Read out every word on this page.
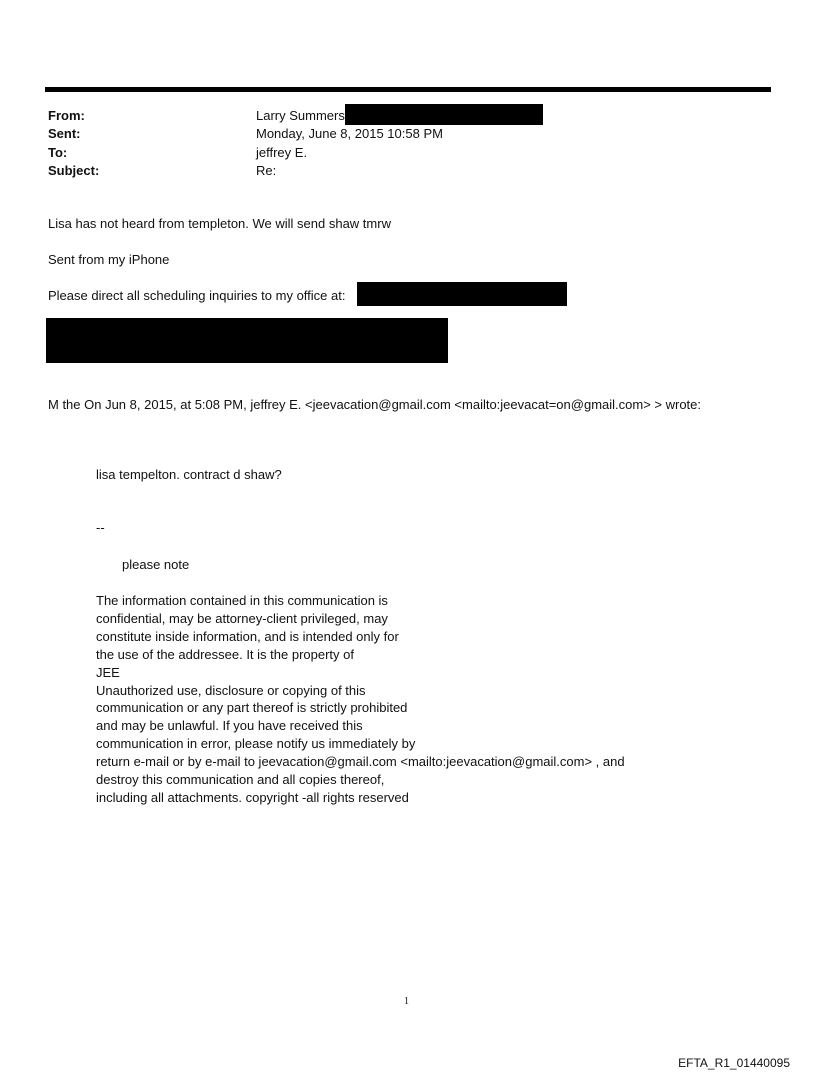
From:	Larry Summers
Sent:	Monday, June 8, 2015 10:58 PM
To:	jeffrey E.
Subject:	Re:
Lisa has not heard from templeton. We will send shaw tmrw
Sent from my iPhone
Please direct all scheduling inquiries to my office at:
M the On Jun 8, 2015, at 5:08 PM, jeffrey E. <jeevacation@gmail.com <mailto:jeevacat=on@gmail.com> > wrote:
lisa tempelton. contract d shaw?
--
please note
The information contained in this communication is
confidential, may be attorney-client privileged, may
constitute inside information, and is intended only for
the use of the addressee. It is the property of
JEE
Unauthorized use, disclosure or copying of this
communication or any part thereof is strictly prohibited
and may be unlawful. If you have received this
communication in error, please notify us immediately by
return e-mail or by e-mail to jeevacation@gmail.com <mailto:jeevacation@gmail.com> , and
destroy this communication and all copies thereof,
including all attachments. copyright -all rights reserved
1
EFTA_R1_01440095
